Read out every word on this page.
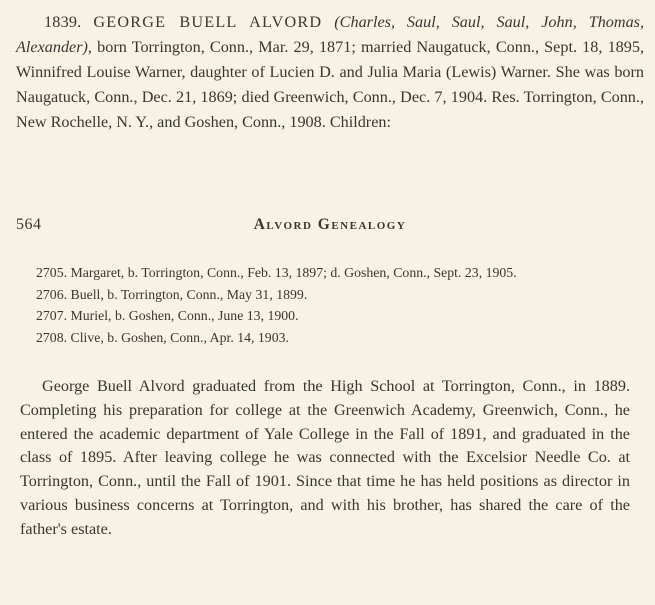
1839. GEORGE BUELL ALVORD (Charles, Saul, Saul, Saul, John, Thomas, Alexander), born Torrington, Conn., Mar. 29, 1871; married Naugatuck, Conn., Sept. 18, 1895, Winnifred Louise Warner, daughter of Lucien D. and Julia Maria (Lewis) Warner. She was born Naugatuck, Conn., Dec. 21, 1869; died Greenwich, Conn., Dec. 7, 1904. Res. Torrington, Conn., New Rochelle, N. Y., and Goshen, Conn., 1908. Children:

564	Alvord Genealogy
2705. Margaret, b. Torrington, Conn., Feb. 13, 1897; d. Goshen, Conn., Sept. 23, 1905.
2706. Buell, b. Torrington, Conn., May 31, 1899.
2707. Muriel, b. Goshen, Conn., June 13, 1900.
2708. Clive, b. Goshen, Conn., Apr. 14, 1903.

George Buell Alvord graduated from the High School at Torrington, Conn., in 1889. Completing his preparation for college at the Greenwich Academy, Greenwich, Conn., he entered the academic department of Yale College in the Fall of 1891, and graduated in the class of 1895. After leaving college he was connected with the Excelsior Needle Co. at Torrington, Conn., until the Fall of 1901. Since that time he has held positions as director in various business concerns at Torrington, and with his brother, has shared the care of the father's estate.
